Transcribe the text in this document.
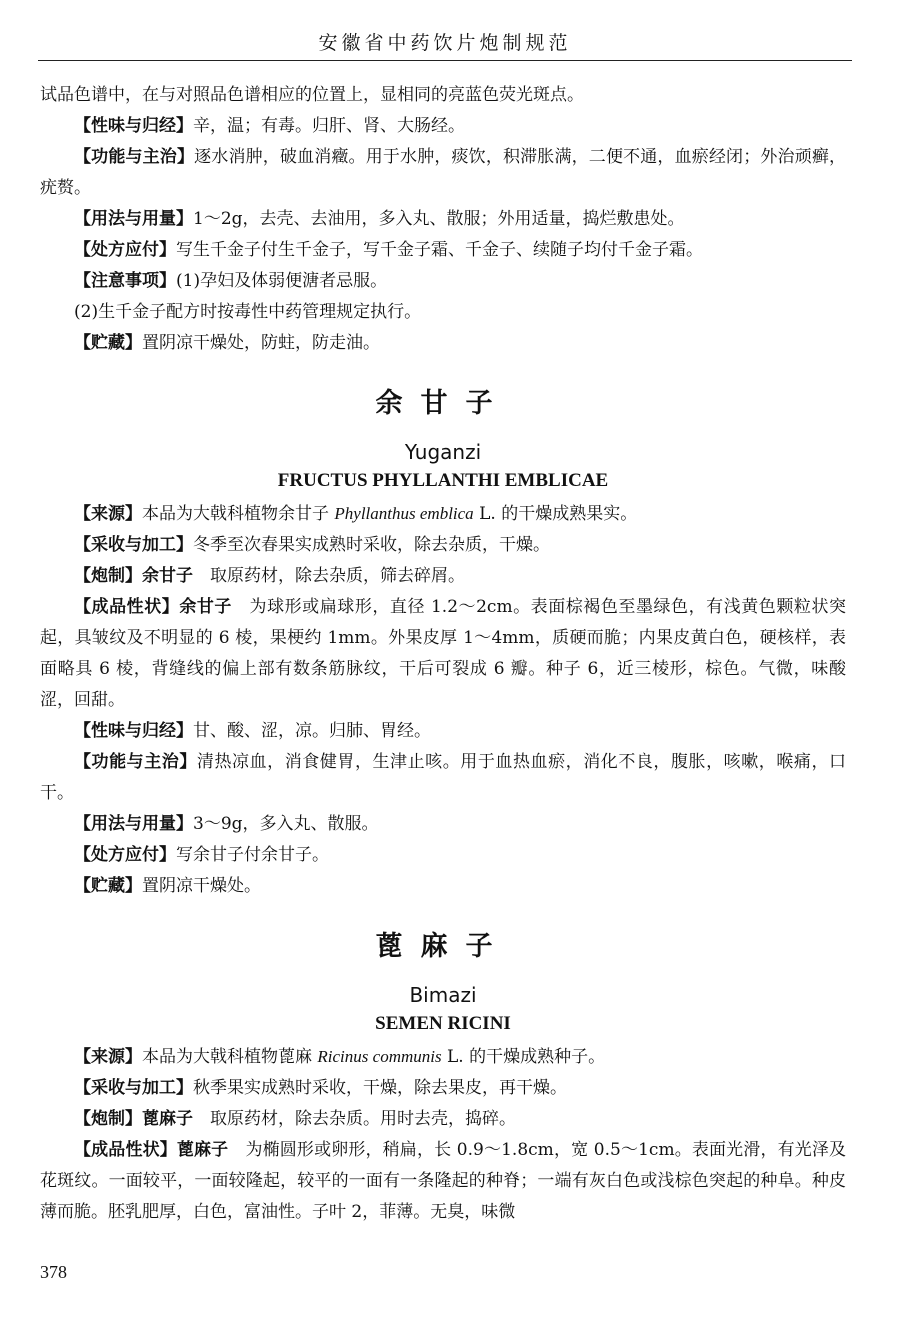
安徽省中药饮片炮制规范

试品色谱中，在与对照品色谱相应的位置上，显相同的亮蓝色荧光斑点。

【性味与归经】辛，温；有毒。归肝、肾、大肠经。

【功能与主治】逐水消肿，破血消癥。用于水肿，痰饮，积滞胀满，二便不通，血瘀经闭；外治顽癣，疣赘。

【用法与用量】1～2g，去壳、去油用，多入丸、散服；外用适量，捣烂敷患处。

【处方应付】写生千金子付生千金子，写千金子霜、千金子、续随子均付千金子霜。

【注意事项】(1)孕妇及体弱便溏者忌服。

(2)生千金子配方时按毒性中药管理规定执行。

【贮藏】置阴凉干燥处，防蛀，防走油。

余甘子
Yuganzi
FRUCTUS PHYLLANTHI EMBLICAE

【来源】本品为大戟科植物余甘子 Phyllanthus emblica L. 的干燥成熟果实。

【采收与加工】冬季至次春果实成熟时采收，除去杂质，干燥。

【炮制】余甘子　取原药材，除去杂质，筛去碎屑。

【成品性状】余甘子　为球形或扁球形，直径 1.2～2cm。表面棕褐色至墨绿色，有浅黄色颗粒状突起，具皱纹及不明显的 6 棱，果梗约 1mm。外果皮厚 1～4mm，质硬而脆；内果皮黄白色，硬核样，表面略具 6 棱，背缝线的偏上部有数条筋脉纹，干后可裂成 6 瓣。种子 6，近三棱形，棕色。气微，味酸涩，回甜。

【性味与归经】甘、酸、涩，凉。归肺、胃经。

【功能与主治】清热凉血，消食健胃，生津止咳。用于血热血瘀，消化不良，腹胀，咳嗽，喉痛，口干。

【用法与用量】3～9g，多入丸、散服。

【处方应付】写余甘子付余甘子。

【贮藏】置阴凉干燥处。

蓖麻子
Bimazi
SEMEN RICINI

【来源】本品为大戟科植物蓖麻 Ricinus communis L. 的干燥成熟种子。

【采收与加工】秋季果实成熟时采收，干燥，除去果皮，再干燥。

【炮制】蓖麻子　取原药材，除去杂质。用时去壳，捣碎。

【成品性状】蓖麻子　为椭圆形或卵形，稍扁，长 0.9～1.8cm，宽 0.5～1cm。表面光滑，有光泽及花斑纹。一面较平，一面较隆起，较平的一面有一条隆起的种脊；一端有灰白色或浅棕色突起的种阜。种皮薄而脆。胚乳肥厚，白色，富油性。子叶 2，菲薄。无臭，味微

378
